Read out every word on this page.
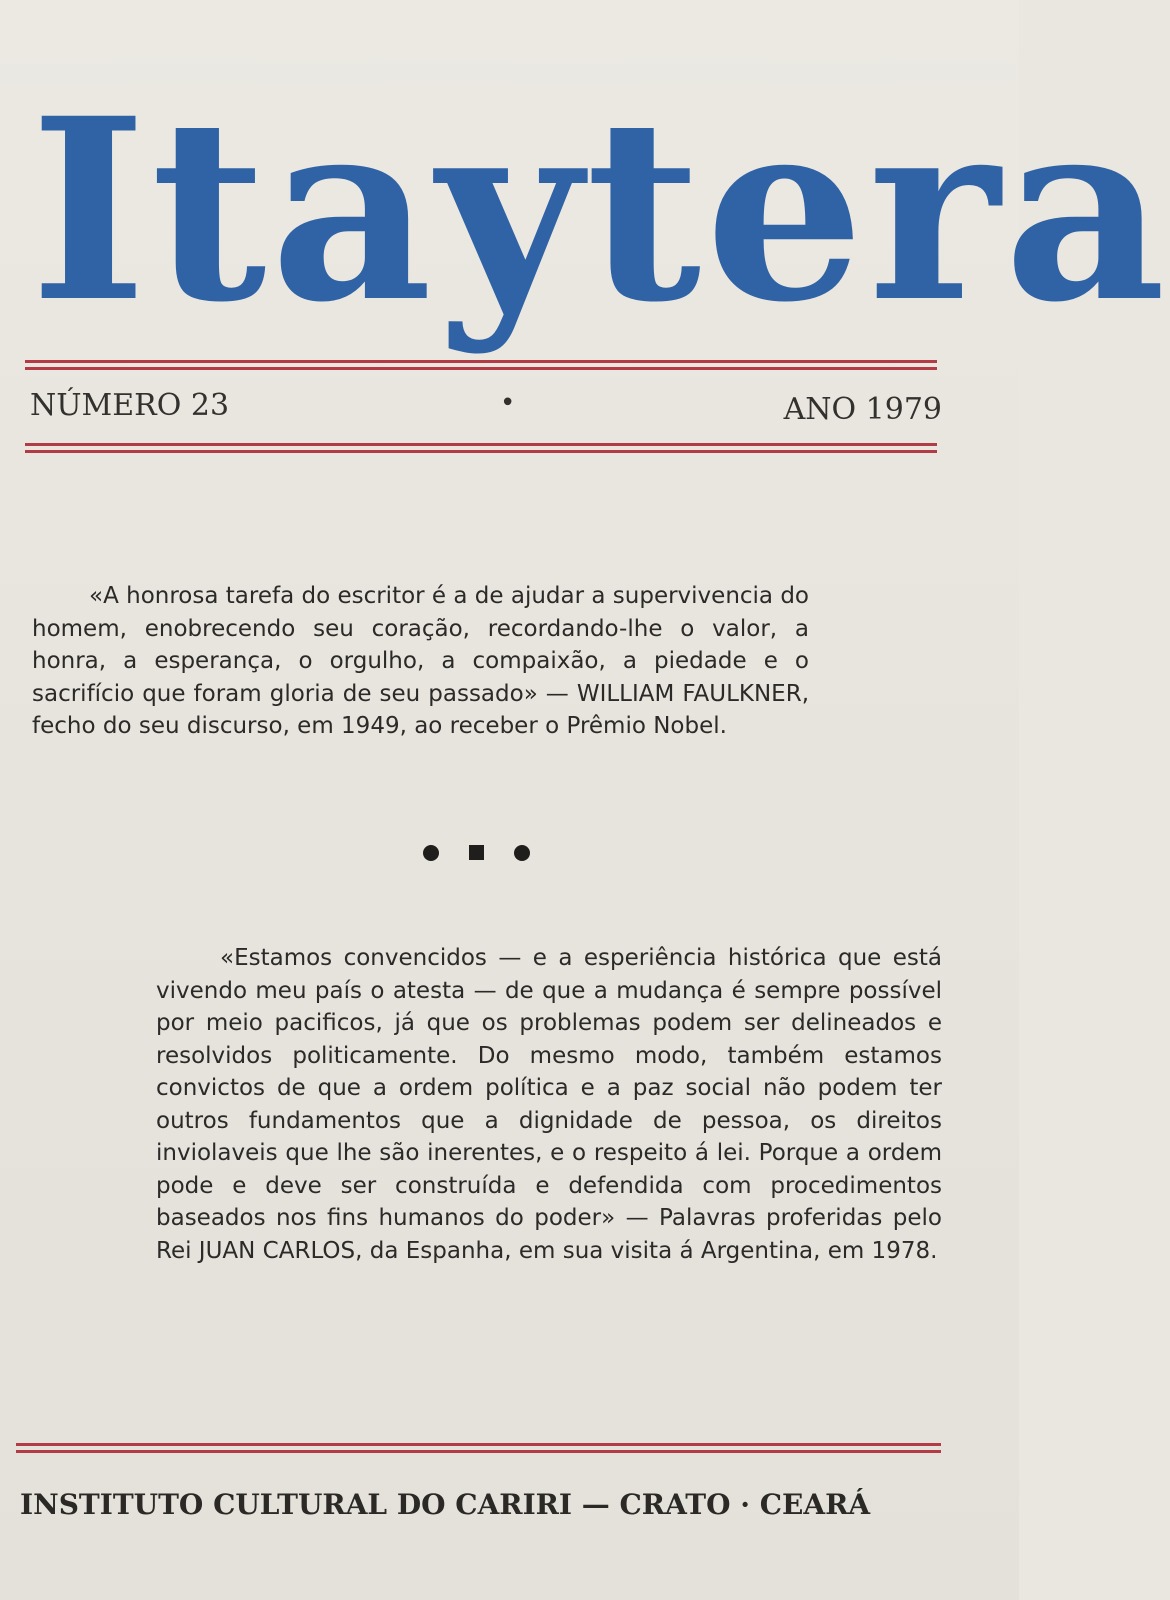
Itaytera
NÚMERO 23	•	ANO 1979

«A honrosa tarefa do escritor é a de ajudar a supervivencia do homem, enobrecendo seu coração, recordando-lhe o valor, a honra, a esperança, o orgulho, a compaixão, a piedade e o sacrifício que foram gloria de seu passado» — WILLIAM FAULKNER, fecho do seu discurso, em 1949, ao receber o Prêmio Nobel.

«Estamos convencidos — e a esperiência histórica que está vivendo meu país o atesta — de que a mudança é sempre possível por meio pacificos, já que os problemas podem ser delineados e resolvidos politicamente. Do mesmo modo, também estamos convictos de que a ordem política e a paz social não podem ter outros fundamentos que a dignidade de pessoa, os direitos inviolaveis que lhe são inerentes, e o respeito á lei. Porque a ordem pode e deve ser construída e defendida com procedimentos baseados nos fins humanos do poder» — Palavras proferidas pelo Rei JUAN CARLOS, da Espanha, em sua visita á Argentina, em 1978.

INSTITUTO CULTURAL DO CARIRI — CRATO · CEARÁ
